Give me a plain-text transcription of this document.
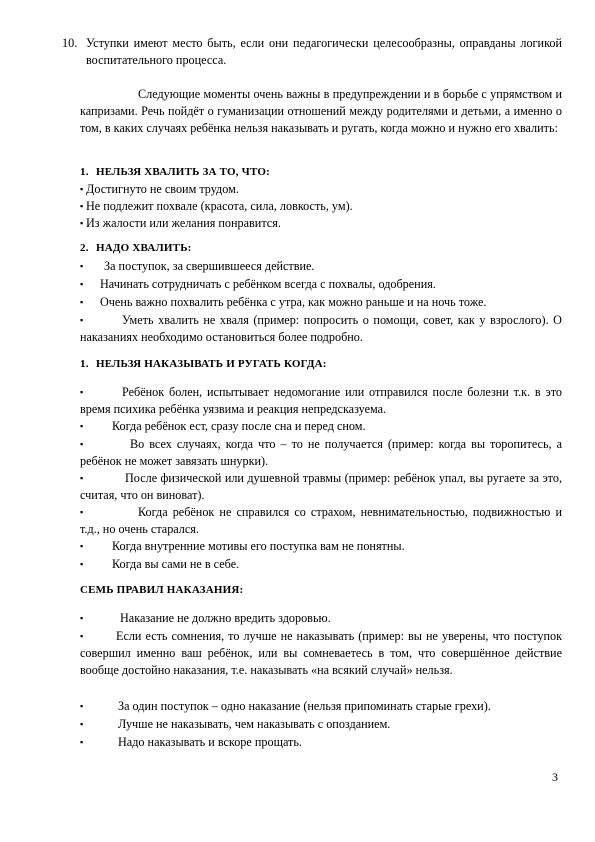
10. Уступки имеют место быть, если они педагогически целесообразны, оправданы логикой воспитательного процесса.

Следующие моменты очень важны в предупреждении и в борьбе с упрямством и капризами. Речь пойдёт о гуманизации отношений между родителями и детьми, а именно о том, в каких случаях ребёнка нельзя наказывать и ругать, когда можно и нужно его хвалить:

1. НЕЛЬЗЯ ХВАЛИТЬ ЗА ТО, ЧТО:
▪ Достигнуто не своим трудом.
▪ Не подлежит похвале (красота, сила, ловкость, ум).
▪ Из жалости или желания понравится.
2. НАДО ХВАЛИТЬ:
▪	За поступок, за свершившееся действие.
▪	Начинать сотрудничать с ребёнком всегда с похвалы, одобрения.
▪	Очень важно похвалить ребёнка с утра, как можно раньше и на ночь тоже.
▪	Уметь хвалить не хваля (пример: попросить о помощи, совет, как у взрослого). О наказаниях необходимо остановиться более подробно.
1. НЕЛЬЗЯ НАКАЗЫВАТЬ И РУГАТЬ КОГДА:
▪	Ребёнок болен, испытывает недомогание или отправился после болезни т.к. в это время психика ребёнка уязвима и реакция непредсказуема.
▪	Когда ребёнок ест, сразу после сна и перед сном.
▪	Во всех случаях, когда что – то не получается (пример: когда вы торопитесь, а ребёнок не может завязать шнурки).
▪	После физической или душевной травмы (пример: ребёнок упал, вы ругаете за это, считая, что он виноват).
▪	Когда ребёнок не справился со страхом, невнимательностью, подвижностью и т.д., но очень старался.
▪	Когда внутренние мотивы его поступка вам не понятны.
▪	Когда вы сами не в себе.
СЕМЬ ПРАВИЛ НАКАЗАНИЯ:
▪	Наказание не должно вредить здоровью.
▪	Если есть сомнения, то лучше не наказывать (пример: вы не уверены, что поступок совершил именно ваш ребёнок, или вы сомневаетесь в том, что совершённое действие вообще достойно наказания, т.е. наказывать «на всякий случай» нельзя.
▪	За один поступок – одно наказание (нельзя припоминать старые грехи).
▪	Лучше не наказывать, чем наказывать с опозданием.
▪	Надо наказывать и вскоре прощать.
3
